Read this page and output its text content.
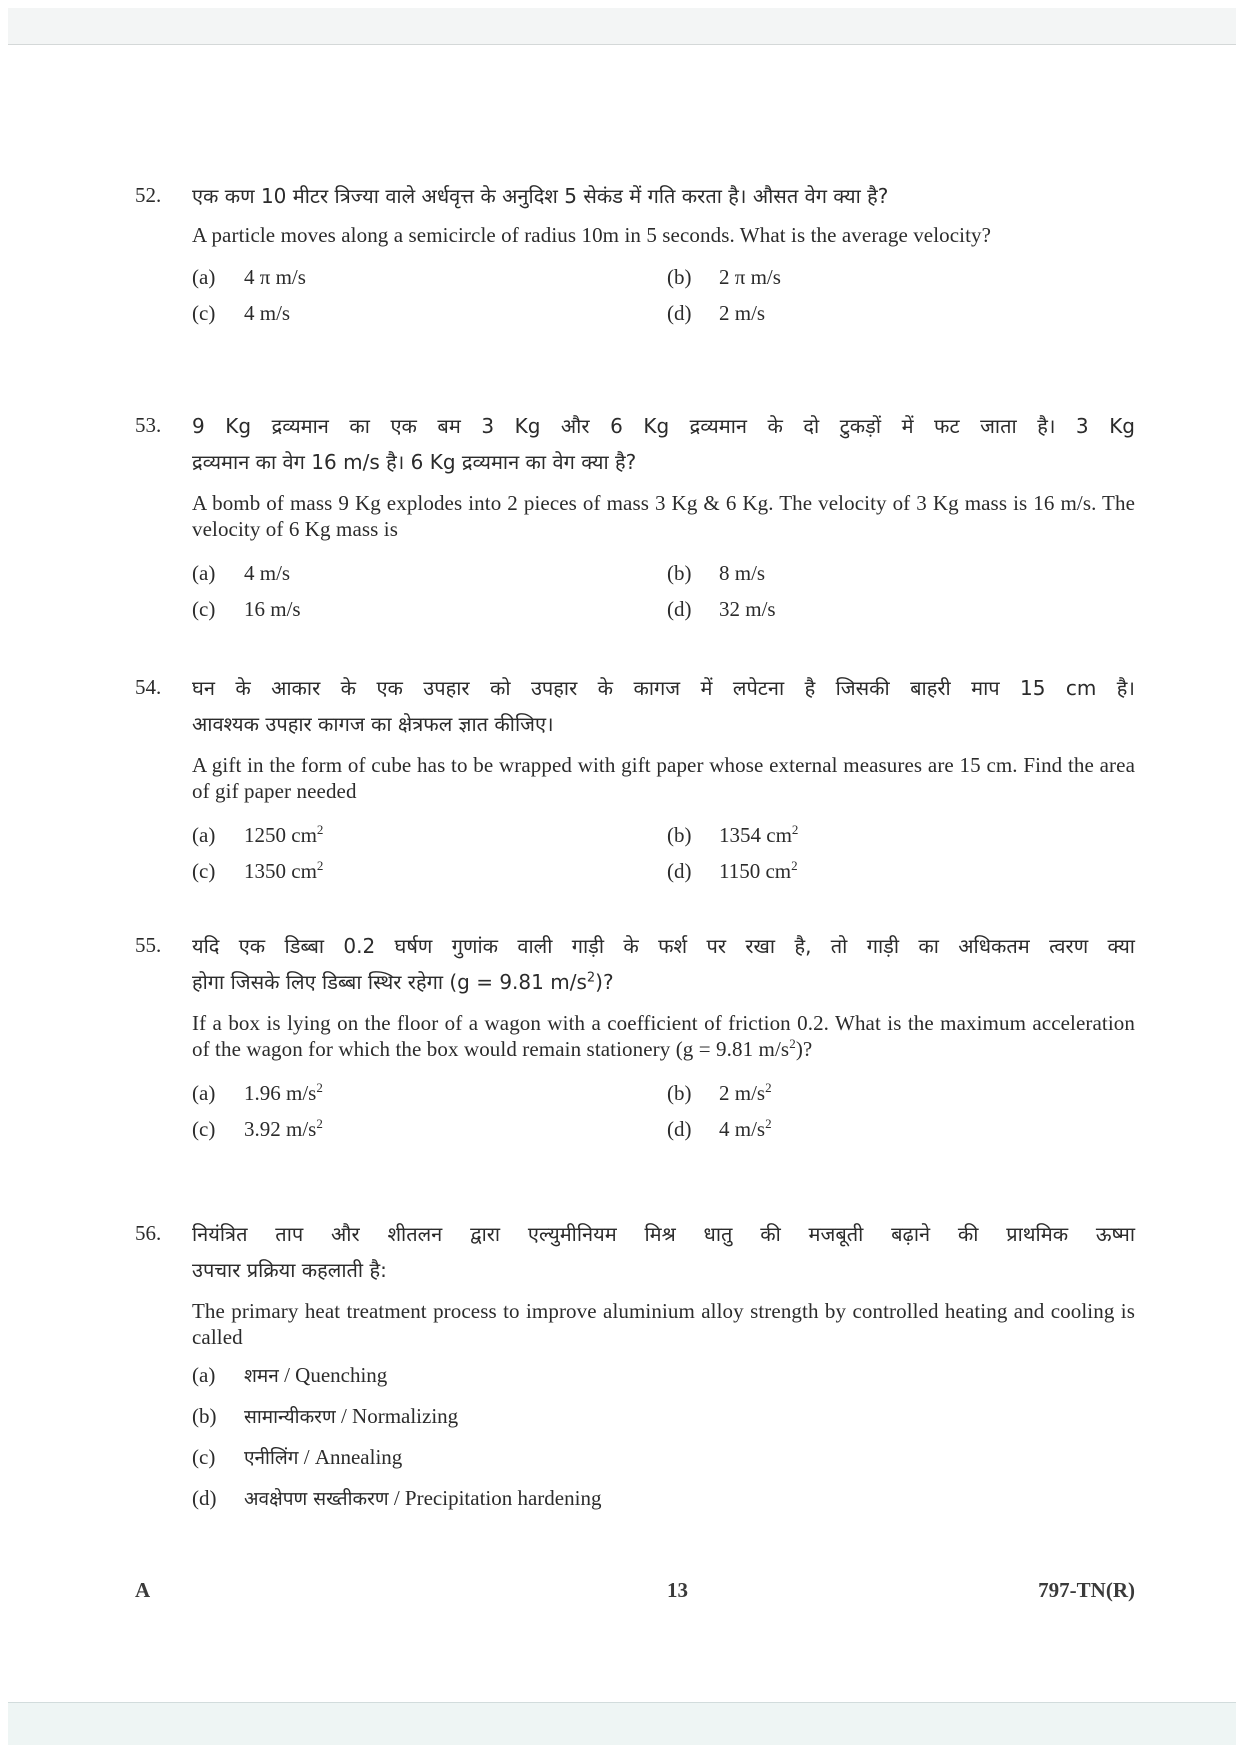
52. एक कण 10 मीटर त्रिज्या वाले अर्धवृत्त के अनुदिश 5 सेकंड में गति करता है। औसत वेग क्या है?

A particle moves along a semicircle of radius 10m in 5 seconds. What is the average velocity?

(a)	4 π m/s	(b)	2 π m/s
(c)	4 m/s	(d)	2 m/s
53. 9 Kg द्रव्यमान का एक बम 3 Kg और 6 Kg द्रव्यमान के दो टुकड़ों में फट जाता है। 3 Kg

द्रव्यमान का वेग 16 m/s है। 6 Kg द्रव्यमान का वेग क्या है?

A bomb of mass 9 Kg explodes into 2 pieces of mass 3 Kg & 6 Kg. The velocity of 3 Kg mass is 16 m/s. The velocity of 6 Kg mass is

(a)	4 m/s	(b)	8 m/s
(c)	16 m/s	(d)	32 m/s
54. घन के आकार के एक उपहार को उपहार के कागज में लपेटना है जिसकी बाहरी माप 15 cm है।

आवश्यक उपहार कागज का क्षेत्रफल ज्ञात कीजिए।

A gift in the form of cube has to be wrapped with gift paper whose external measures are 15 cm. Find the area of gif paper needed

(a)	1250 $cm^2$	(b)	1354 $cm^2$
(c)	1350 $cm^2$	(d)	1150 $cm^2$
55. यदि एक डिब्बा 0.2 घर्षण गुणांक वाली गाड़ी के फर्श पर रखा है, तो गाड़ी का अधिकतम त्वरण क्या

होगा जिसके लिए डिब्बा स्थिर रहेगा (g = 9.81 $m/s^2$)?

If a box is lying on the floor of a wagon with a coefficient of friction 0.2. What is the maximum acceleration of the wagon for which the box would remain stationery (g = 9.81 $m/s^2$)?

(a)	1.96 $m/s^2$	(b)	2 $m/s^2$
(c)	3.92 $m/s^2$	(d)	4 $m/s^2$
56. नियंत्रित ताप और शीतलन द्वारा एल्युमीनियम मिश्र धातु की मजबूती बढ़ाने की प्राथमिक ऊष्मा

उपचार प्रक्रिया कहलाती है:

The primary heat treatment process to improve aluminium alloy strength by controlled heating and cooling is called

(a)	शमन / Quenching
(b)	सामान्यीकरण / Normalizing
(c)	एनीलिंग / Annealing
(d)	अवक्षेपण सख्तीकरण / Precipitation hardening
A	13	797-TN(R)
